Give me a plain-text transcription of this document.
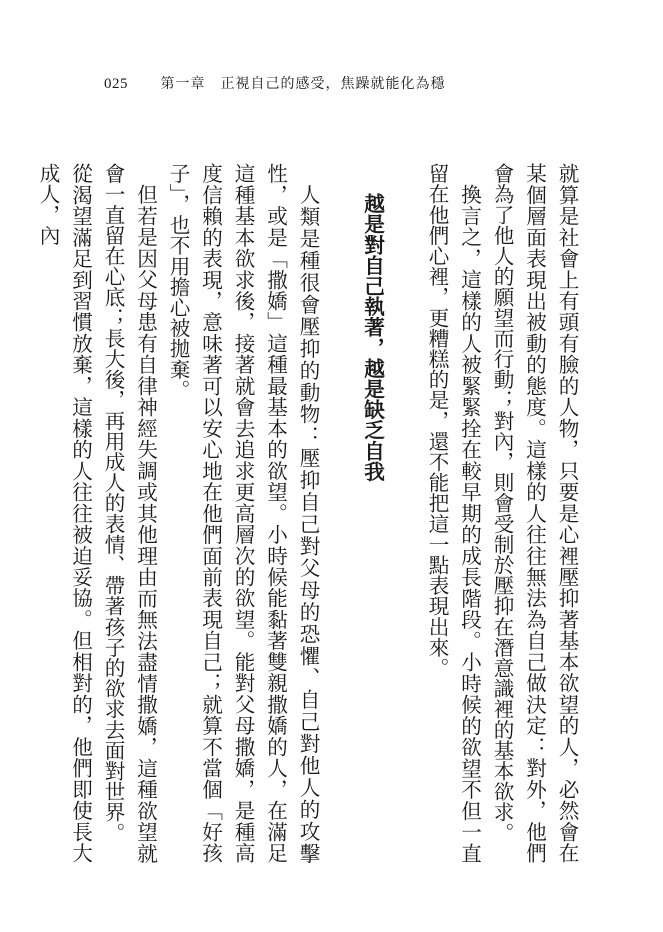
025 第一章　正視自己的感受，焦躁就能化為穩

就算是社會上有頭有臉的人物，只要是心裡壓抑著基本欲望的人，必然會在某個層面表現出被動的態度。這樣的人往往無法為自己做決定：對外，他們會為了他人的願望而行動；對內，則會受制於壓抑在潛意識裡的基本欲求。

換言之，這樣的人被緊緊拴在較早期的成長階段。小時候的欲望不但一直留在他們心裡，更糟糕的是，還不能把這一點表現出來。

越是對自己執著，越是缺乏自我

人類是種很會壓抑的動物：壓抑自己對父母的恐懼、自己對他人的攻擊性，或是「撒嬌」這種最基本的欲望。小時候能黏著雙親撒嬌的人，在滿足這種基本欲求後，接著就會去追求更高層次的欲望。能對父母撒嬌，是種高度信賴的表現，意味著可以安心地在他們面前表現自己；就算不當個「好孩子」，也不用擔心被拋棄。

但若是因父母患有自律神經失調或其他理由而無法盡情撒嬌，這種欲望就會一直留在心底；長大後，再用成人的表情、帶著孩子的欲求去面對世界。

從渴望滿足到習慣放棄，這樣的人往往被迫妥協。但相對的，他們即使長大成人，內
